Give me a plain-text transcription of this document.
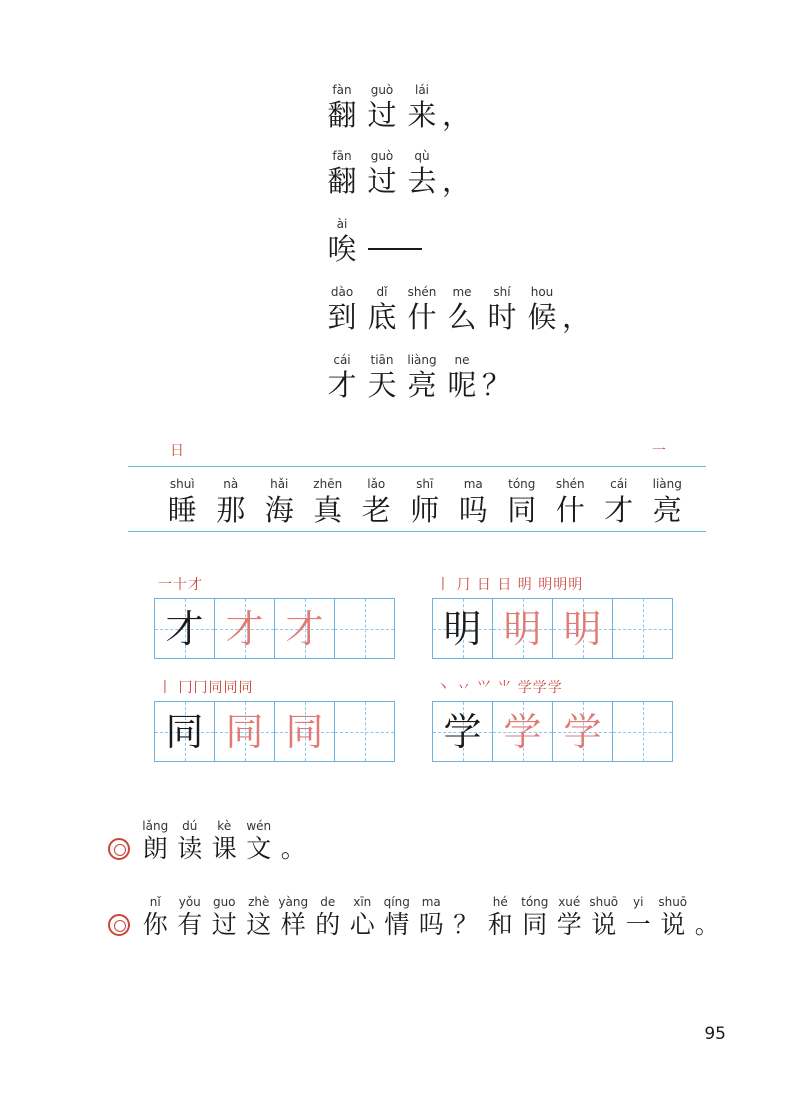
fàn
翻
guò
过
lái
来 ，
fān
翻
guò
过
qù
去 ，
ài
唉
dào
到
dǐ
底
shén
什
me
么
shí
时
hou
候 ，
cái
才
tiān
天
liàng
亮
ne
呢 ？
日	一
shuì
睡
nà
那
hǎi
海
zhēn
真
lǎo
老
shī
师
ma
吗
tóng
同
shén
什
cái
才
liàng
亮
一十才
才 才 才
丨 ⺆ 日 日 明 明明明
明 明 明
丨 冂冂同同同
同 同 同
丶 丷 ⺍ ⺌ 学学学
学 学 学
lǎng
朗
dú
读
kè
课
wén
文 。
nǐ
你
yǒu
有
guo
过
zhè
这
yàng
样
de
的
xīn
心
qíng
情
ma
吗 ？
hé
和
tóng
同
xué
学
shuō
说
yi
一
shuō
说 。
95
